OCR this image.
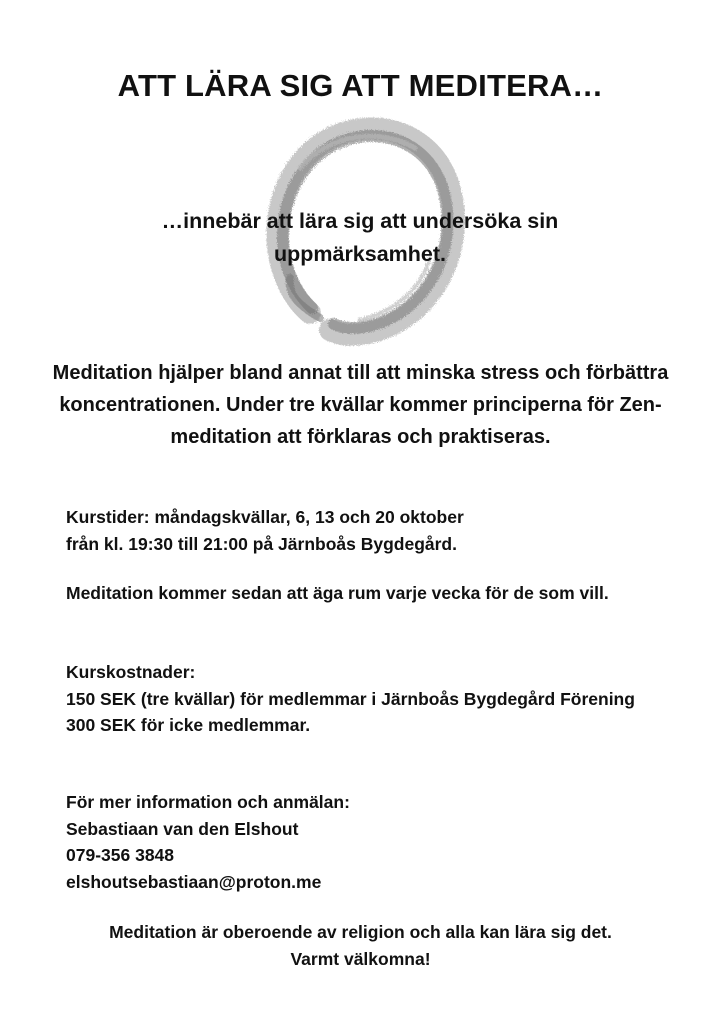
ATT LÄRA SIG ATT MEDITERA…

…innebär att lära sig att undersöka sin uppmärksamhet.

Meditation hjälper bland annat till att minska stress och förbättra koncentrationen. Under tre kvällar kommer principerna för Zen-meditation att förklaras och praktiseras.

Kurstider: måndagskvällar, 6, 13 och 20 oktober
från kl. 19:30 till 21:00 på Järnboås Bygdegård.

Meditation kommer sedan att äga rum varje vecka för de som vill.

Kurskostnader:
150 SEK (tre kvällar) för medlemmar i Järnboås Bygdegård Förening
300 SEK för icke medlemmar.
För mer information och anmälan:
Sebastiaan van den Elshout
079-356 3848
elshoutsebastiaan@proton.me
Meditation är oberoende av religion och alla kan lära sig det.
Varmt välkomna!
